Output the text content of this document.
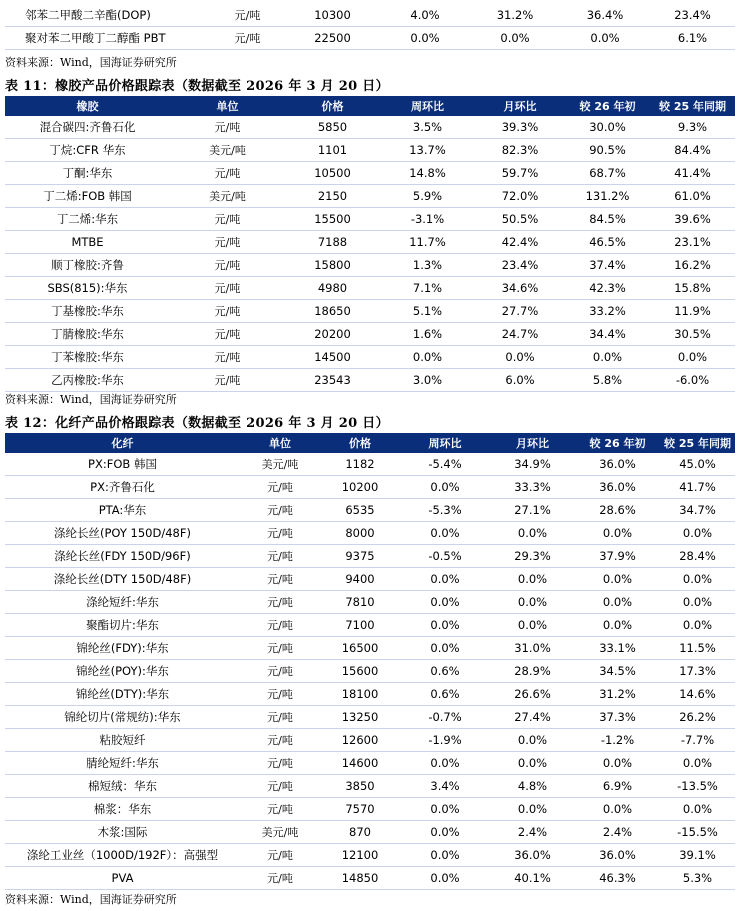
邻苯二甲酸二辛酯(DOP)	元/吨	10300	4.0%	31.2%	36.4%	23.4%
聚对苯二甲酸丁二醇酯 PBT	元/吨	22500	0.0%	0.0%	0.0%	6.1%
资料来源：Wind，国海证券研究所
表 11：橡胶产品价格跟踪表（数据截至 2026 年 3 月 20 日）
橡胶	单位	价格	周环比	月环比	较 26 年初	较 25 年同期
混合碳四:齐鲁石化	元/吨	5850	3.5%	39.3%	30.0%	9.3%
丁烷:CFR 华东	美元/吨	1101	13.7%	82.3%	90.5%	84.4%
丁酮:华东	元/吨	10500	14.8%	59.7%	68.7%	41.4%
丁二烯:FOB 韩国	美元/吨	2150	5.9%	72.0%	131.2%	61.0%
丁二烯:华东	元/吨	15500	-3.1%	50.5%	84.5%	39.6%
MTBE	元/吨	7188	11.7%	42.4%	46.5%	23.1%
顺丁橡胶:齐鲁	元/吨	15800	1.3%	23.4%	37.4%	16.2%
SBS(815):华东	元/吨	4980	7.1%	34.6%	42.3%	15.8%
丁基橡胶:华东	元/吨	18650	5.1%	27.7%	33.2%	11.9%
丁腈橡胶:华东	元/吨	20200	1.6%	24.7%	34.4%	30.5%
丁苯橡胶:华东	元/吨	14500	0.0%	0.0%	0.0%	0.0%
乙丙橡胶:华东	元/吨	23543	3.0%	6.0%	5.8%	-6.0%
资料来源：Wind，国海证券研究所
表 12：化纤产品价格跟踪表（数据截至 2026 年 3 月 20 日）
化纤	单位	价格	周环比	月环比	较 26 年初	较 25 年同期
PX:FOB 韩国	美元/吨	1182	-5.4%	34.9%	36.0%	45.0%
PX:齐鲁石化	元/吨	10200	0.0%	33.3%	36.0%	41.7%
PTA:华东	元/吨	6535	-5.3%	27.1%	28.6%	34.7%
涤纶长丝(POY 150D/48F)	元/吨	8000	0.0%	0.0%	0.0%	0.0%
涤纶长丝(FDY 150D/96F)	元/吨	9375	-0.5%	29.3%	37.9%	28.4%
涤纶长丝(DTY 150D/48F)	元/吨	9400	0.0%	0.0%	0.0%	0.0%
涤纶短纤:华东	元/吨	7810	0.0%	0.0%	0.0%	0.0%
聚酯切片:华东	元/吨	7100	0.0%	0.0%	0.0%	0.0%
锦纶丝(FDY):华东	元/吨	16500	0.0%	31.0%	33.1%	11.5%
锦纶丝(POY):华东	元/吨	15600	0.6%	28.9%	34.5%	17.3%
锦纶丝(DTY):华东	元/吨	18100	0.6%	26.6%	31.2%	14.6%
锦纶切片(常规纺):华东	元/吨	13250	-0.7%	27.4%	37.3%	26.2%
粘胶短纤	元/吨	12600	-1.9%	0.0%	-1.2%	-7.7%
腈纶短纤:华东	元/吨	14600	0.0%	0.0%	0.0%	0.0%
棉短绒：华东	元/吨	3850	3.4%	4.8%	6.9%	-13.5%
棉浆：华东	元/吨	7570	0.0%	0.0%	0.0%	0.0%
木浆:国际	美元/吨	870	0.0%	2.4%	2.4%	-15.5%
涤纶工业丝（1000D/192F）：高强型	元/吨	12100	0.0%	36.0%	36.0%	39.1%
PVA	元/吨	14850	0.0%	40.1%	46.3%	5.3%
资料来源：Wind，国海证券研究所
